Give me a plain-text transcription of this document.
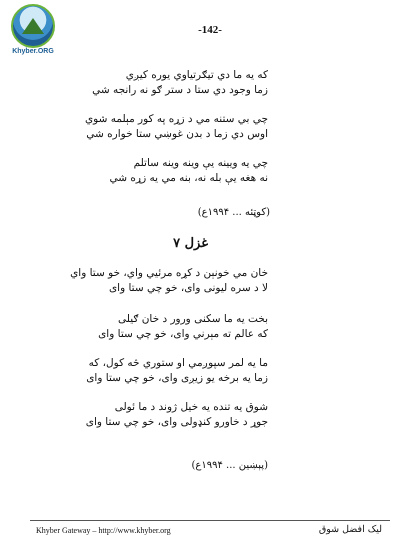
Khyber.ORG
-142-
که یه ما دي تیګرتیاوي یوره کیږي
زما وجود دي ستا د ستر ګو نه رانجه شي
چي بي ستنه مي د زړه په کور مېلمه شوي
اوس دي زما د بدن غوښي ستا خواره شي
چي یه ویینه یې وینه وینه ساتلم
نه هغه یې بله نه، بنه مي یه زړه شي
(کوټئه ... ۱۹۹۴ع)
غزل ۷
خان مي خونېن د کړه مرئيي واي، خو ستا واي
لا د سره لیونی وای، خو چي ستا وای
بخت یه ما سکنی ورور د خان ګیلی
که عالم ته مېرني وای، خو چي ستا وای
ما یه لمر سپوږمي او ستوري څه کول، که
زما یه برخه یو زیږی وای، خو چي ستا وای
شوق یه تنده یه خیل ژوند د ما ئولی
جوړ د خاورو کنډولی وای، خو چي ستا وای
(پېښین ... ۱۹۹۴ع)
Khyber Gateway – http://www.khyber.org	لیک افضل شوق
